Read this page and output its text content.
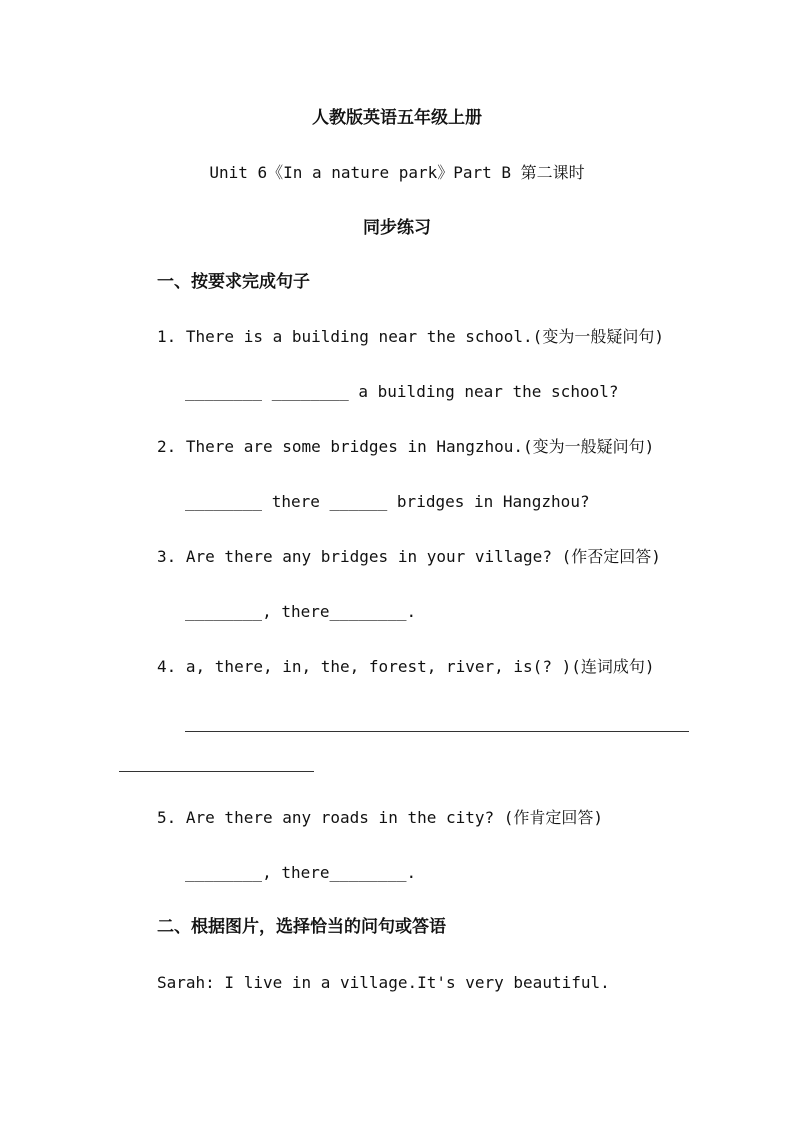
人教版英语五年级上册
Unit 6《In a nature park》Part B 第二课时
同步练习
一、按要求完成句子
1. There is a building near the school.(变为一般疑问句)
________ ________ a building near the school?
2. There are some bridges in Hangzhou.(变为一般疑问句)
________ there ______ bridges in Hangzhou?
3. Are there any bridges in your village? (作否定回答)
________, there________.
4. a, there, in, the, forest, river, is(? )(连词成句)
5. Are there any roads in the city? (作肯定回答)
________, there________.
二、根据图片，选择恰当的问句或答语
Sarah: I live in a village.It's very beautiful.
